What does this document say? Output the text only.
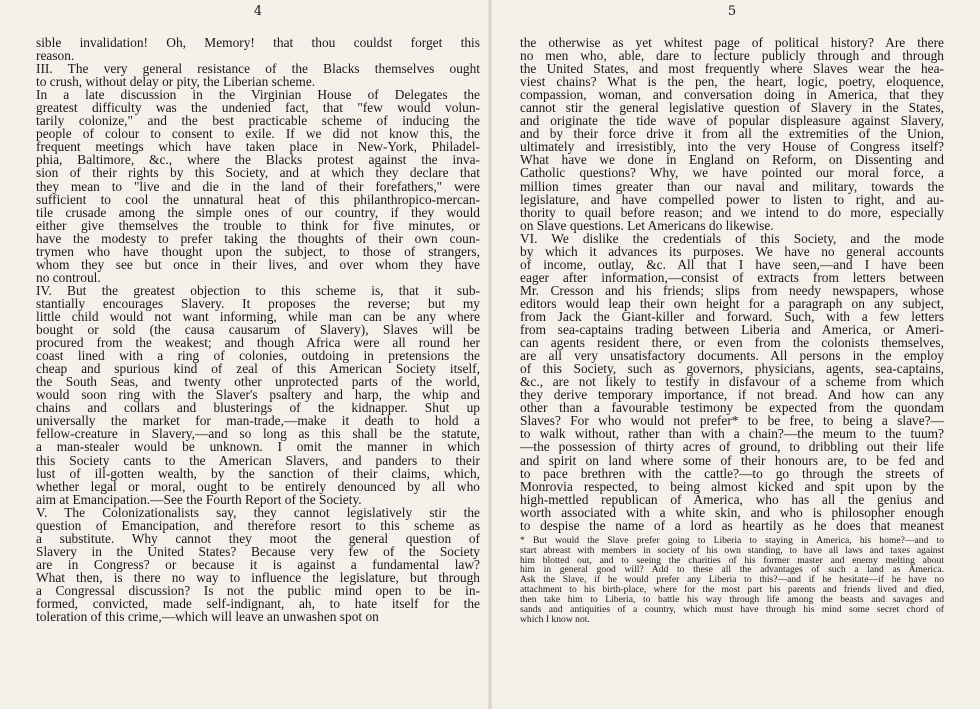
4
sible invalidation! Oh, Memory! that thou couldst forget this
reason.
III. The very general resistance of the Blacks themselves ought
to crush, without delay or pity, the Liberian scheme.
In a late discussion in the Virginian House of Delegates the
greatest difficulty was the undenied fact, that "few would volun-
tarily colonize," and the best practicable scheme of inducing the
people of colour to consent to exile. If we did not know this, the
frequent meetings which have taken place in New-York, Philadel-
phia, Baltimore, &c., where the Blacks protest against the inva-
sion of their rights by this Society, and at which they declare that
they mean to "live and die in the land of their forefathers," were
sufficient to cool the unnatural heat of this philanthropico-mercan-
tile crusade among the simple ones of our country, if they would
either give themselves the trouble to think for five minutes, or
have the modesty to prefer taking the thoughts of their own coun-
trymen who have thought upon the subject, to those of strangers,
whom they see but once in their lives, and over whom they have
no controul.
IV. But the greatest objection to this scheme is, that it sub-
stantially encourages Slavery. It proposes the reverse; but my
little child would not want informing, while man can be any where
bought or sold (the causa causarum of Slavery), Slaves will be
procured from the weakest; and though Africa were all round her
coast lined with a ring of colonies, outdoing in pretensions the
cheap and spurious kind of zeal of this American Society itself,
the South Seas, and twenty other unprotected parts of the world,
would soon ring with the Slaver's psaltery and harp, the whip and
chains and collars and blusterings of the kidnapper. Shut up
universally the market for man-trade,—make it death to hold a
fellow-creature in Slavery,—and so long as this shall be the statute,
a man-stealer would be unknown. I omit the manner in which
this Society cants to the American Slavers, and panders to their
lust of ill-gotten wealth, by the sanction of their claims, which,
whether legal or moral, ought to be entirely denounced by all who
aim at Emancipation.—See the Fourth Report of the Society.
V. The Colonizationalists say, they cannot legislatively stir the
question of Emancipation, and therefore resort to this scheme as
a substitute. Why cannot they moot the general question of
Slavery in the United States? Because very few of the Society
are in Congress? or because it is against a fundamental law?
What then, is there no way to influence the legislature, but through
a Congressal discussion? Is not the public mind open to be in-
formed, convicted, made self-indignant, ah, to hate itself for the
toleration of this crime,—which will leave an unwashen spot on
5
the otherwise as yet whitest page of political history? Are there
no men who, able, dare to lecture publicly through and through
the United States, and most frequently where Slaves wear the hea-
viest chains? What is the pen, the heart, logic, poetry, eloquence,
compassion, woman, and conversation doing in America, that they
cannot stir the general legislative question of Slavery in the States,
and originate the tide wave of popular displeasure against Slavery,
and by their force drive it from all the extremities of the Union,
ultimately and irresistibly, into the very House of Congress itself?
What have we done in England on Reform, on Dissenting and
Catholic questions? Why, we have pointed our moral force, a
million times greater than our naval and military, towards the
legislature, and have compelled power to listen to right, and au-
thority to quail before reason; and we intend to do more, especially
on Slave questions. Let Americans do likewise.
VI. We dislike the credentials of this Society, and the mode
by which it advances its purposes. We have no general accounts
of income, outlay, &c. All that I have seen,—and I have been
eager after information,—consist of extracts from letters between
Mr. Cresson and his friends; slips from needy newspapers, whose
editors would leap their own height for a paragraph on any subject,
from Jack the Giant-killer and forward. Such, with a few letters
from sea-captains trading between Liberia and America, or Ameri-
can agents resident there, or even from the colonists themselves,
are all very unsatisfactory documents. All persons in the employ
of this Society, such as governors, physicians, agents, sea-captains,
&c., are not likely to testify in disfavour of a scheme from which
they derive temporary importance, if not bread. And how can any
other than a favourable testimony be expected from the quondam
Slaves? For who would not prefer* to be free, to being a slave?—
to walk without, rather than with a chain?—the meum to the tuum?
—the possession of thirty acres of ground, to dribbling out their life
and spirit on land where some of their honours are, to be fed and
to pace brethren with the cattle?—to go through the streets of
Monrovia respected, to being almost kicked and spit upon by the
high-mettled republican of America, who has all the genius and
worth associated with a white skin, and who is philosopher enough
to despise the name of a lord as heartily as he does that meanest
* But would the Slave prefer going to Liberia to staying in America, his home?—and to
start abreast with members in society of his own standing, to have all laws and taxes against
him blotted out, and to seeing the charities of his former master and enemy melting about
him in general good will? Add to these all the advantages of such a land as America.
Ask the Slave, if he would prefer any Liberia to this?—and if he hesitate—if he have no
attachment to his birth-place, where for the most part his parents and friends lived and died,
then take him to Liberia, to battle his way through life among the beasts and savages and
sands and antiquities of a country, which must have through his mind some secret chord of
which I know not.
